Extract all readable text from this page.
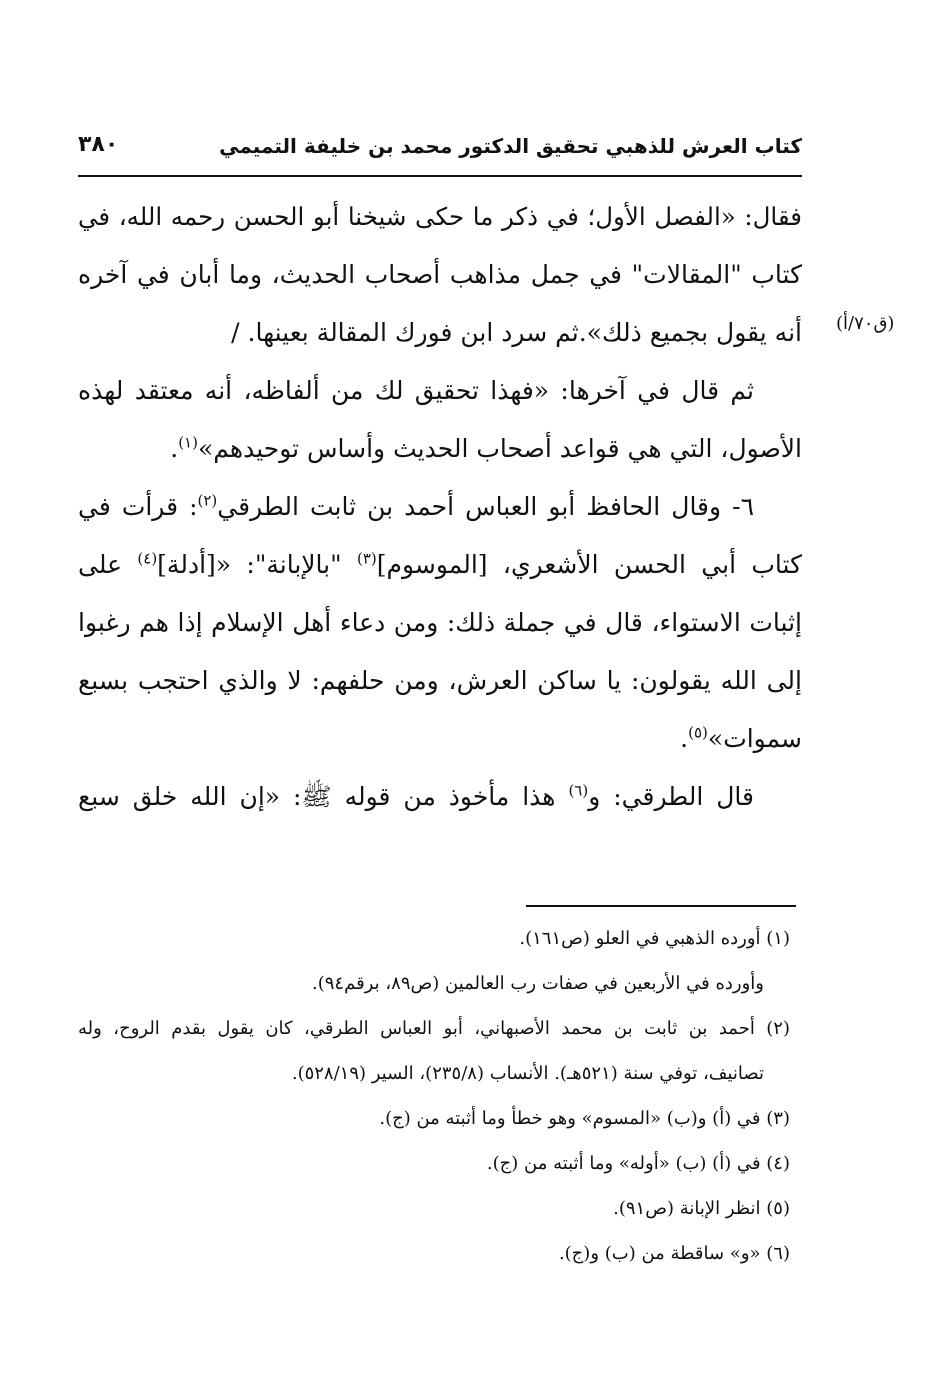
كتاب العرش للذهبي تحقيق الدكتور محمد بن خليفة التميمي
٣٨٠
(ق٧٠/أ)
فقال: «الفصل الأول؛ في ذكر ما حكى شيخنا أبو الحسن رحمه الله، في
كتاب "المقالات" في جمل مذاهب أصحاب الحديث، وما أبان في آخره
أنه يقول بجميع ذلك».ثم سرد ابن فورك المقالة بعينها. /
ثم قال في آخرها: «فهذا تحقيق لك من ألفاظه، أنه معتقد لهذه
الأصول، التي هي قواعد أصحاب الحديث وأساس توحيدهم»$^{(١)}$.
٦- وقال الحافظ أبو العباس أحمد بن ثابت الطرقي$^{(٢)}$: قرأت في
كتاب أبي الحسن الأشعري، [الموسوم]$^{(٣)}$ "بالإبانة": «[أدلة]$^{(٤)}$ على
إثبات الاستواء، قال في جملة ذلك: ومن دعاء أهل الإسلام إذا هم رغبوا
إلى الله يقولون: يا ساكن العرش، ومن حلفهم: لا والذي احتجب بسبع
سموات»$^{(٥)}$.
قال الطرقي: و$^{(٦)}$ هذا مأخوذ من قوله ﷺ: «إن الله خلق سبع
(١) أورده الذهبي في العلو (ص١٦١).
وأورده في الأربعين في صفات رب العالمين (ص٨٩، برقم٩٤).
(٢) أحمد بن ثابت بن محمد الأصبهاني، أبو العباس الطرقي، كان يقول بقدم الروح، وله
تصانيف، توفي سنة (٥٢١هـ). الأنساب (٢٣٥/٨)، السير (٥٢٨/١٩).
(٣) في (أ) و(ب) «المسوم» وهو خطأ وما أثبته من (ج).
(٤) في (أ) (ب) «أوله» وما أثبته من (ج).
(٥) انظر الإبانة (ص٩١).
(٦) «و» ساقطة من (ب) و(ج).
